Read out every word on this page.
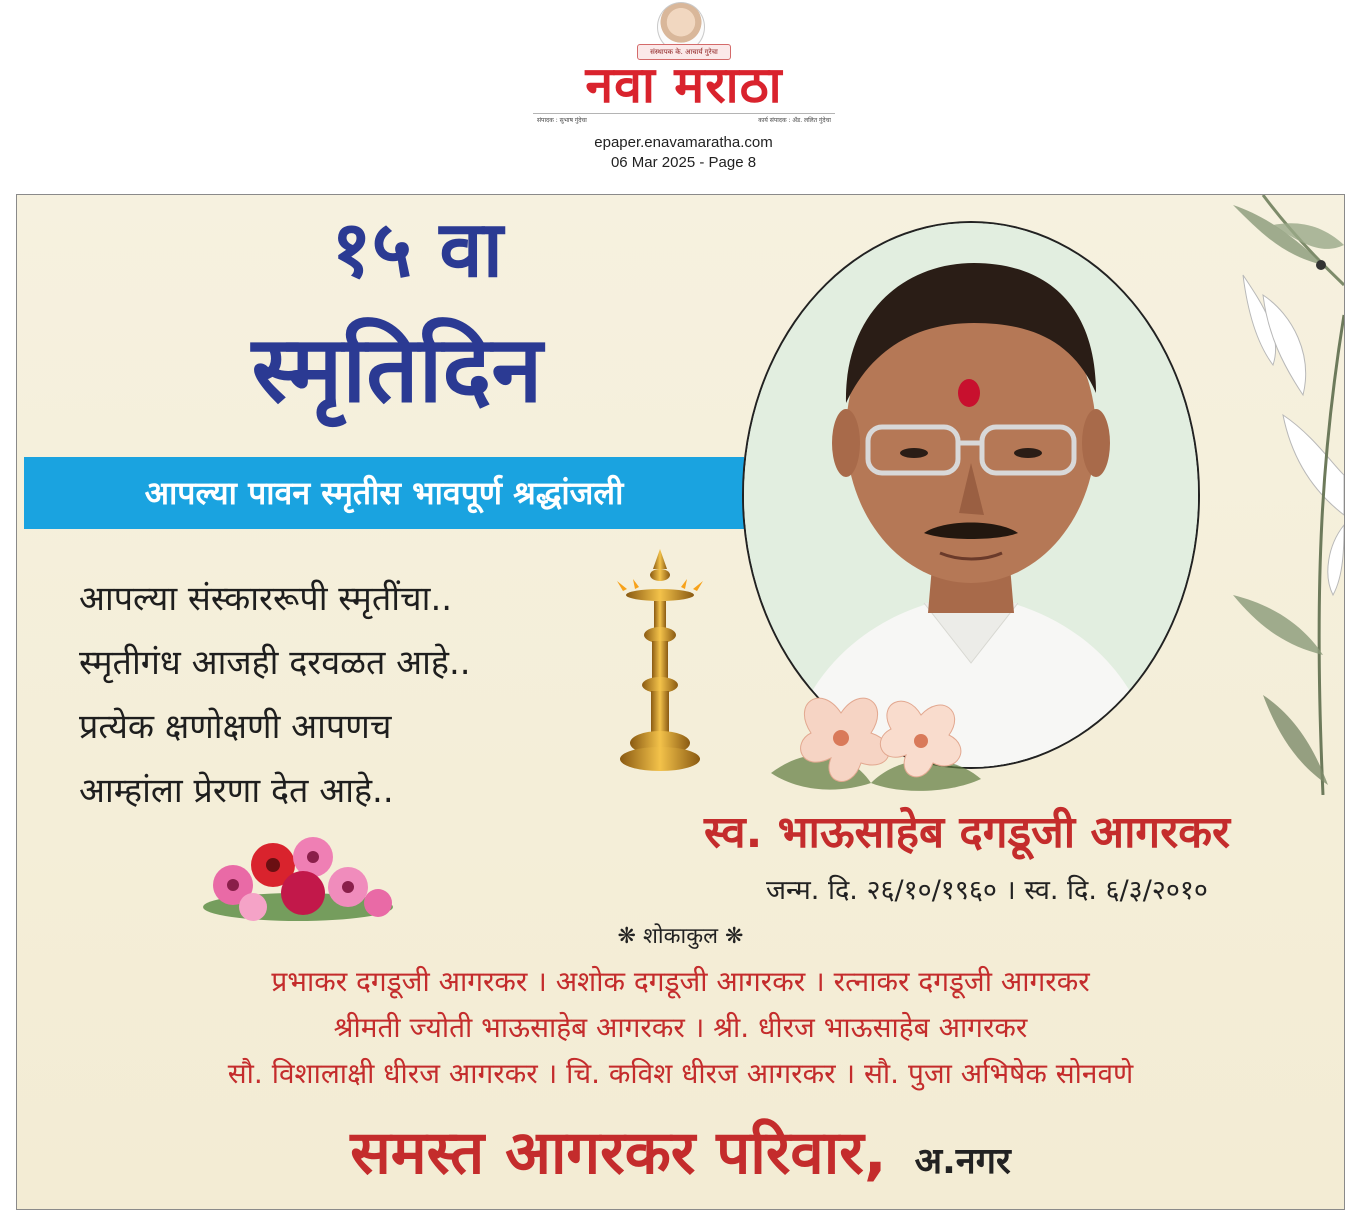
संस्थापक के. आचार्य गुरेचा
नवा मराठा
संपादक : सुभाष गुंदेचा	कार्य संपादक : ॲड. ललित गुंदेचा
epaper.enavamaratha.com
06 Mar 2025 - Page 8
१५ वा
स्मृतिदिन
आपल्या पावन स्मृतीस भावपूर्ण श्रद्धांजली
आपल्या संस्काररूपी स्मृतींचा..
स्मृतीगंध आजही दरवळत आहे..
प्रत्येक क्षणोक्षणी आपणच
आम्हांला प्रेरणा देत आहे..
स्व. भाऊसाहेब दगडूजी आगरकर
जन्म. दि. २६/१०/१९६० । स्व. दि. ६/३/२०१०
❋ शोकाकुल ❋
प्रभाकर दगडूजी आगरकर । अशोक दगडूजी आगरकर । रत्नाकर दगडूजी आगरकर
श्रीमती ज्योती भाऊसाहेब आगरकर । श्री. धीरज भाऊसाहेब आगरकर
सौ. विशालाक्षी धीरज आगरकर । चि. कविश धीरज आगरकर । सौ. पुजा अभिषेक सोनवणे
समस्त आगरकर परिवार, अ.नगर
